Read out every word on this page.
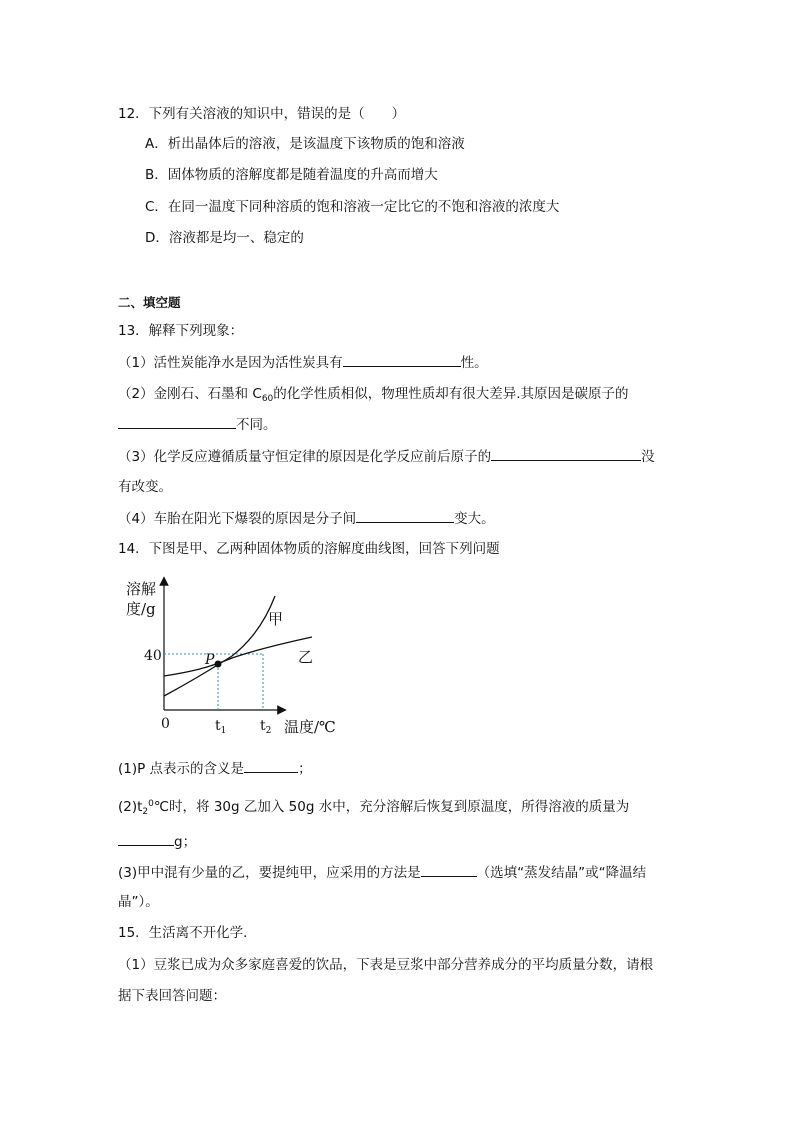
12．下列有关溶液的知识中，错误的是（　　）
A．析出晶体后的溶液，是该温度下该物质的饱和溶液
B．固体物质的溶解度都是随着温度的升高而增大
C．在同一温度下同种溶质的饱和溶液一定比它的不饱和溶液的浓度大
D．溶液都是均一、稳定的
二、填空题
13．解释下列现象：
（1）活性炭能净水是因为活性炭具有	性。
（2）金刚石、石墨和 $C_{60}$的化学性质相似，物理性质却有很大差异.其原因是碳原子的
不同。
（3）化学反应遵循质量守恒定律的原因是化学反应前后原子的	没
有改变。
（4）车胎在阳光下爆裂的原因是分子间	变大。
14．下图是甲、乙两种固体物质的溶解度曲线图，回答下列问题
溶解
度/g
40
0	$t_1$ $t_2$ 温度/℃
P
甲
乙
(1)P 点表示的含义是	；
$(2)t_2^0℃$时，将 30g 乙加入 50g 水中，充分溶解后恢复到原温度，所得溶液的质量为
g；
(3)甲中混有少量的乙，要提纯甲，应采用的方法是	（选填“蒸发结晶”或“降温结
晶”）。
15．生活离不开化学．
（1）豆浆已成为众多家庭喜爱的饮品，下表是豆浆中部分营养成分的平均质量分数，请根
据下表回答问题：
